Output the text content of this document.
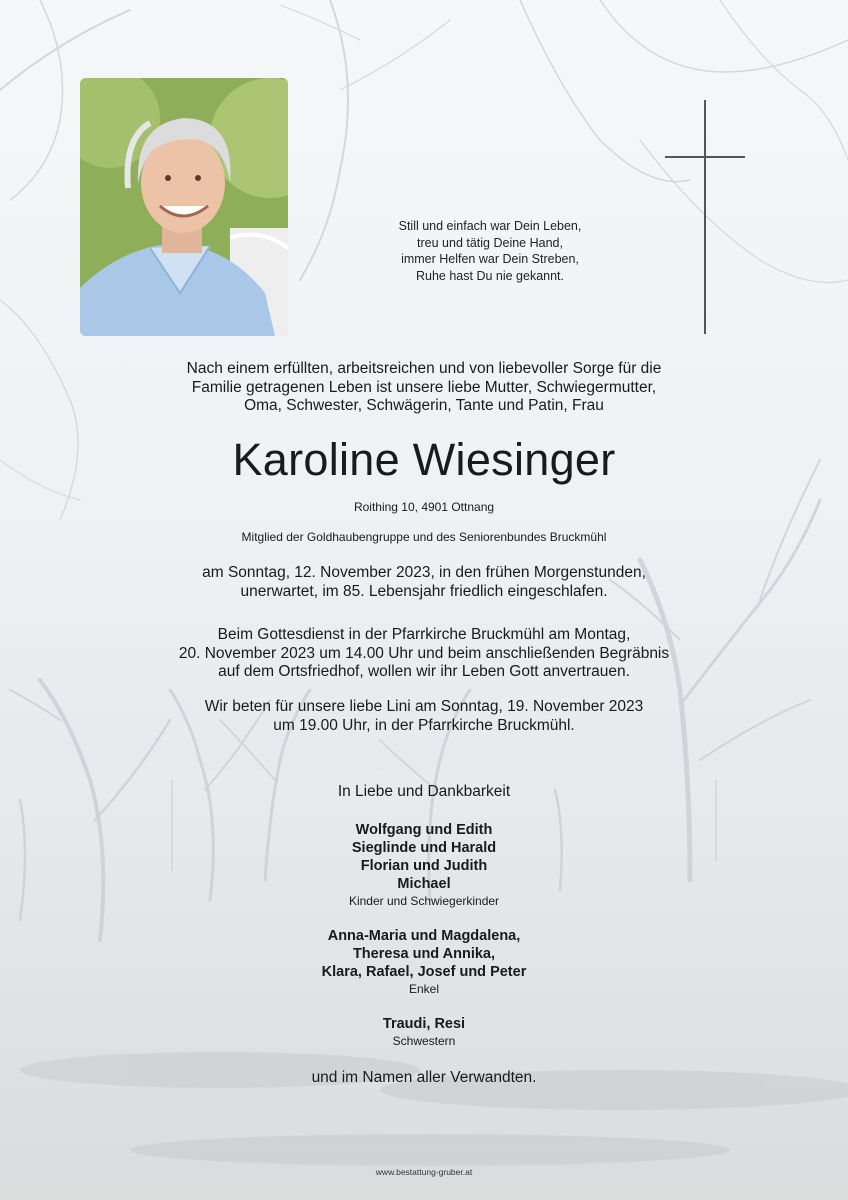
Still und einfach war Dein Leben,
treu und tätig Deine Hand,
immer Helfen war Dein Streben,
Ruhe hast Du nie gekannt.
Nach einem erfüllten, arbeitsreichen und von liebevoller Sorge für die
Familie getragenen Leben ist unsere liebe Mutter, Schwiegermutter,
Oma, Schwester, Schwägerin, Tante und Patin, Frau
Karoline Wiesinger
Roithing 10, 4901 Ottnang
Mitglied der Goldhaubengruppe und des Seniorenbundes Bruckmühl
am Sonntag, 12. November 2023, in den frühen Morgenstunden,
unerwartet, im 85. Lebensjahr friedlich eingeschlafen.
Beim Gottesdienst in der Pfarrkirche Bruckmühl am Montag,
20. November 2023 um 14.00 Uhr und beim anschließenden Begräbnis
auf dem Ortsfriedhof, wollen wir ihr Leben Gott anvertrauen.
Wir beten für unsere liebe Lini am Sonntag, 19. November 2023
um 19.00 Uhr, in der Pfarrkirche Bruckmühl.
In Liebe und Dankbarkeit
Wolfgang und Edith
Sieglinde und Harald
Florian und Judith
Michael
Kinder und Schwiegerkinder
Anna-Maria und Magdalena,
Theresa und Annika,
Klara, Rafael, Josef und Peter
Enkel
Traudi, Resi
Schwestern
und im Namen aller Verwandten.
www.bestattung-gruber.at
